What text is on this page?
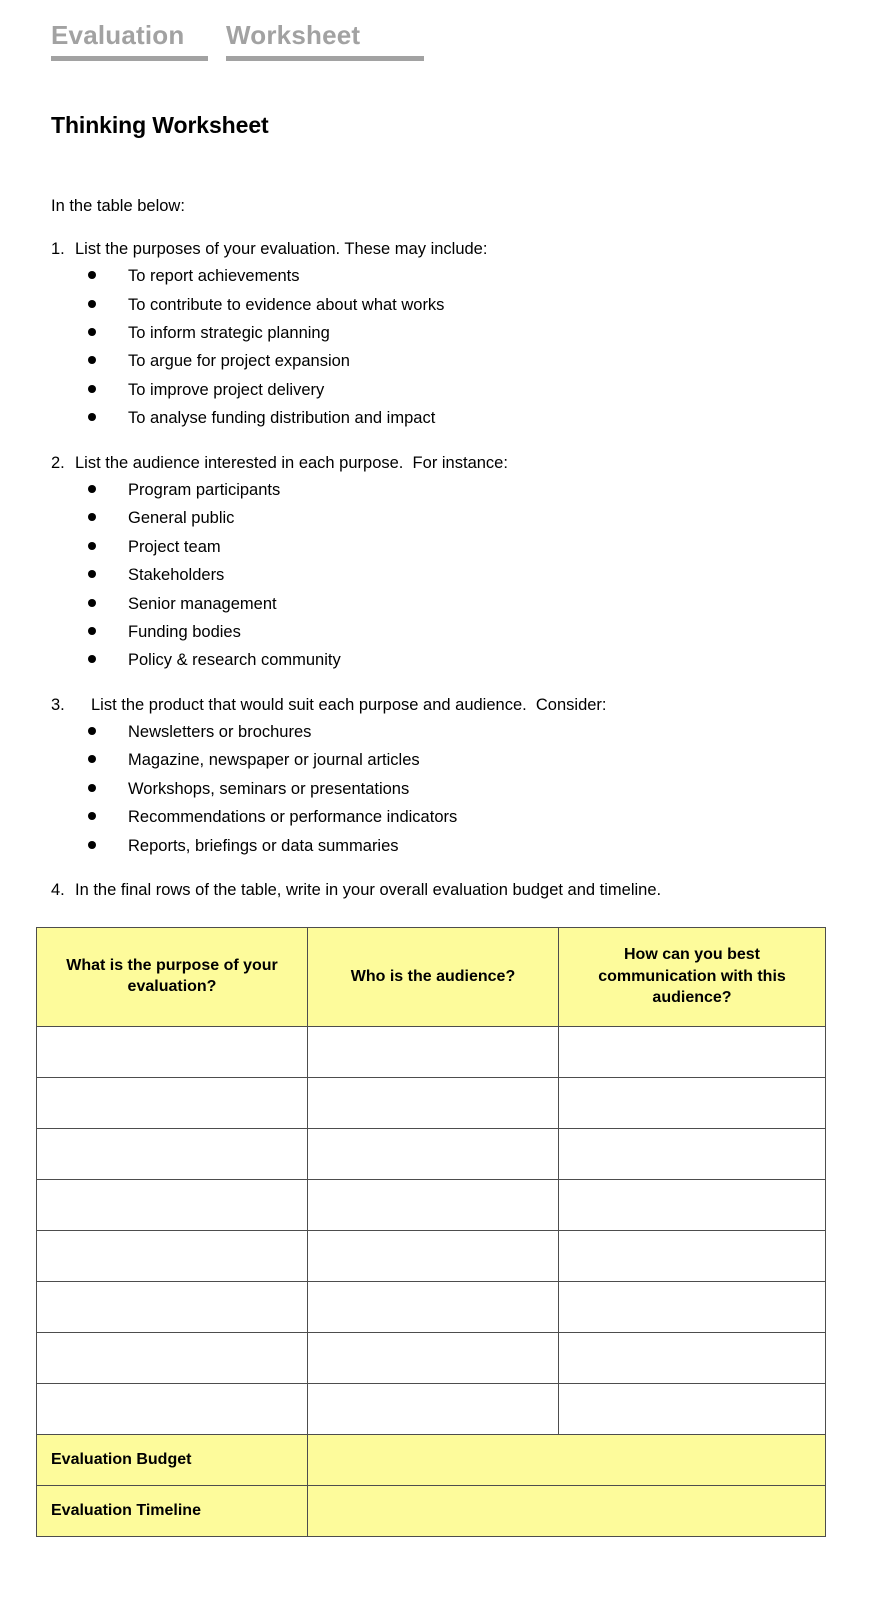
Evaluation	Worksheet
Thinking Worksheet

In the table below:

1. List the purposes of your evaluation. These may include:
To report achievements
To contribute to evidence about what works
To inform strategic planning
To argue for project expansion
To improve project delivery
To analyse funding distribution and impact
2. List the audience interested in each purpose.  For instance:
Program participants
General public
Project team
Stakeholders
Senior management
Funding bodies
Policy & research community
3.	List the product that would suit each purpose and audience.  Consider:
Newsletters or brochures
Magazine, newspaper or journal articles
Workshops, seminars or presentations
Recommendations or performance indicators
Reports, briefings or data summaries
4. In the final rows of the table, write in your overall evaluation budget and timeline.
What is the purpose of your evaluation?	Who is the audience?	How can you best communication with this audience?

Evaluation Budget		
Evaluation Timeline		
